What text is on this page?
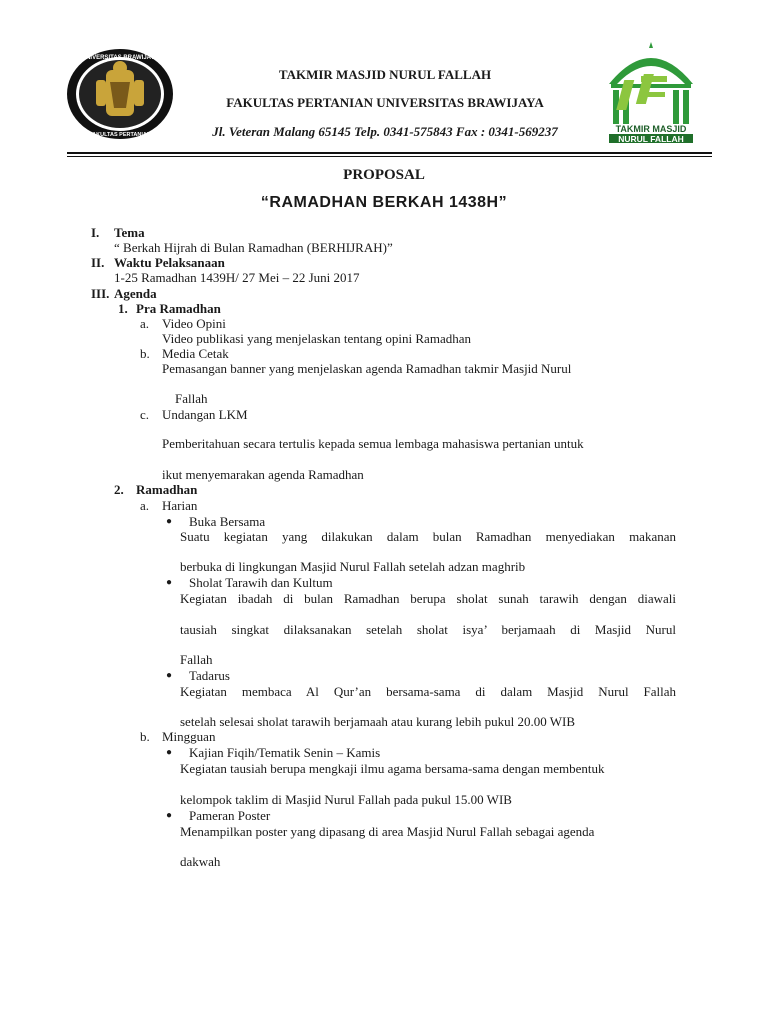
UNIVERSITAS BRAWIJAYA
FAKULTAS PERTANIAN
TAKMIR MASJID
NURUL FALLAH
TAKMIR MASJID NURUL FALLAH
FAKULTAS PERTANIAN UNIVERSITAS BRAWIJAYA
Jl. Veteran Malang 65145 Telp. 0341-575843 Fax : 0341-569237
PROPOSAL
“RAMADHAN BERKAH 1438H”
I. Tema
“ Berkah Hijrah di Bulan Ramadhan (BERHIJRAH)”
II. Waktu Pelaksanaan
1-25 Ramadhan 1439H/ 27 Mei – 22 Juni 2017
III. Agenda
1. Pra Ramadhan
a. Video Opini
Video publikasi yang menjelaskan tentang opini Ramadhan
b. Media Cetak
Pemasangan banner yang menjelaskan agenda Ramadhan takmir Masjid Nurul
Fallah
c. Undangan LKM
Pemberitahuan secara tertulis kepada semua lembaga mahasiswa pertanian untuk
ikut menyemarakan agenda Ramadhan
2. Ramadhan
a. Harian
● Buka Bersama
Suatu kegiatan yang dilakukan dalam bulan Ramadhan menyediakan makanan
berbuka di lingkungan Masjid Nurul Fallah setelah adzan maghrib
● Sholat Tarawih dan Kultum
Kegiatan ibadah di bulan Ramadhan berupa sholat sunah tarawih dengan diawali
tausiah singkat dilaksanakan setelah sholat isya’ berjamaah di Masjid Nurul
Fallah
● Tadarus
Kegiatan membaca Al Qur’an bersama-sama di dalam Masjid Nurul Fallah
setelah selesai sholat tarawih berjamaah atau kurang lebih pukul 20.00 WIB
b. Mingguan
● Kajian Fiqih/Tematik Senin – Kamis
Kegiatan tausiah berupa mengkaji ilmu agama bersama-sama dengan membentuk
kelompok taklim di Masjid Nurul Fallah pada pukul 15.00 WIB
● Pameran Poster
Menampilkan poster yang dipasang di area Masjid Nurul Fallah sebagai agenda
dakwah
